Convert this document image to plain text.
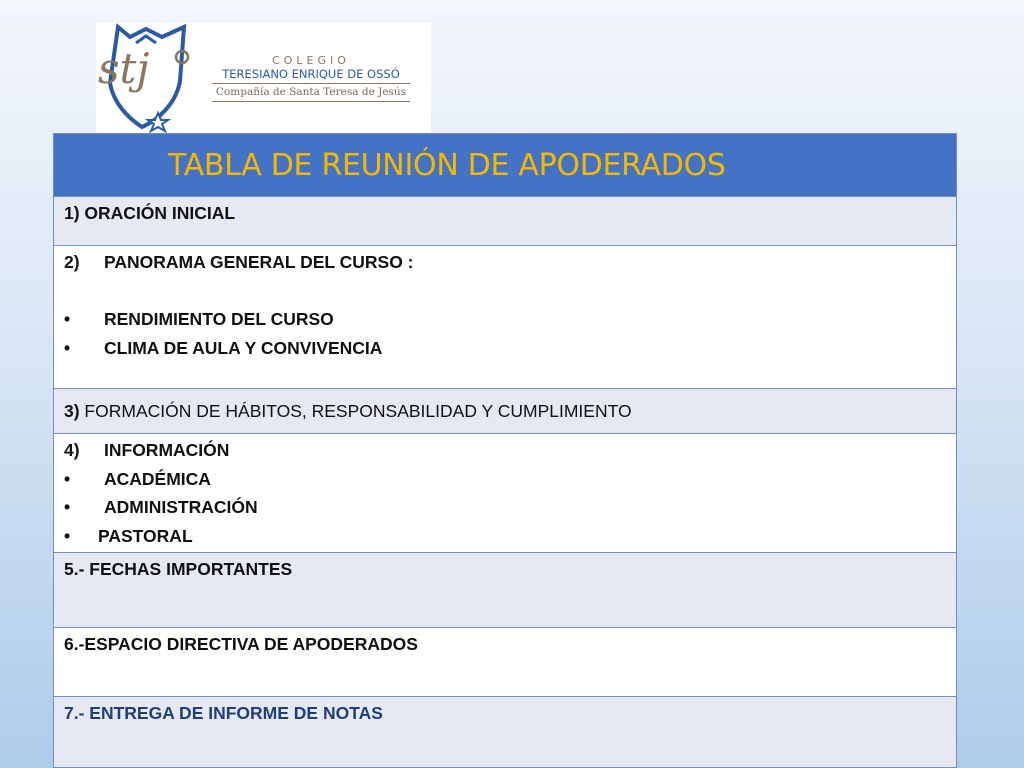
stj	COLEGIO
TERESIANO ENRIQUE DE OSSÓ
Compañía de Santa Teresa de Jesús
TABLA DE REUNIÓN DE APODERADOS

1) ORACIÓN INICIAL

2) PANORAMA GENERAL DEL CURSO :
• RENDIMIENTO DEL CURSO
• CLIMA DE AULA Y CONVIVENCIA

3) FORMACIÓN DE HÁBITOS, RESPONSABILIDAD Y CUMPLIMIENTO

4) INFORMACIÓN
• ACADÉMICA
• ADMINISTRACIÓN
• PASTORAL

5.- FECHAS IMPORTANTES

6.-ESPACIO DIRECTIVA DE APODERADOS

7.- ENTREGA DE INFORME DE NOTAS
